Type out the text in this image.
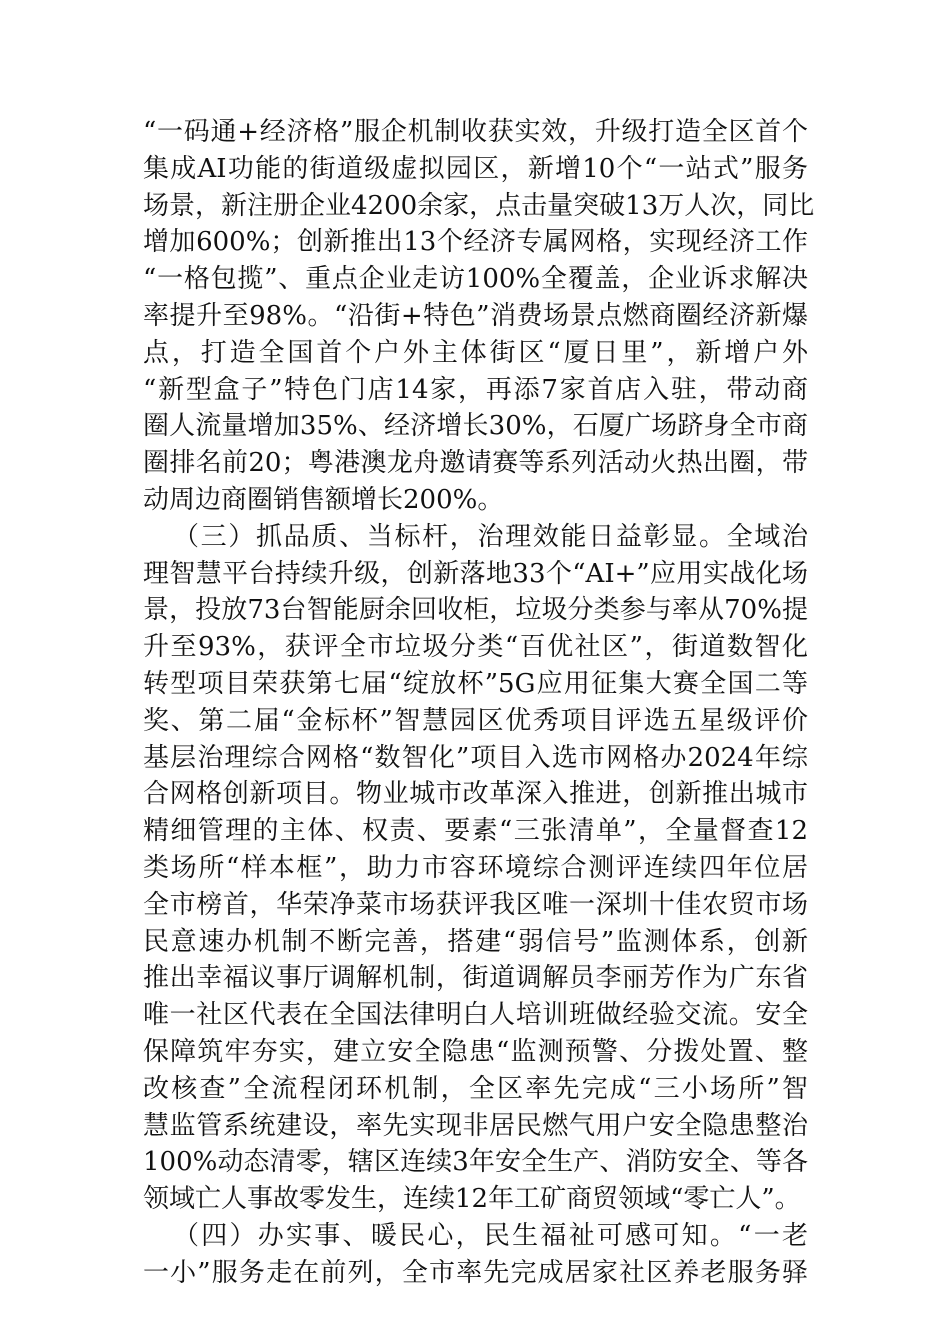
“一码通+经济格”服企机制收获实效，升级打造全区首个
集成AI功能的街道级虚拟园区，新增10个“一站式”服务
场景，新注册企业4200余家，点击量突破13万人次，同比
增加600%；创新推出13个经济专属网格，实现经济工作
“一格包揽”、重点企业走访100%全覆盖，企业诉求解决
率提升至98%。“沿街+特色”消费场景点燃商圈经济新爆
点，打造全国首个户外主体街区“厦日里”，新增户外
“新型盒子”特色门店14家，再添7家首店入驻，带动商
圈人流量增加35%、经济增长30%，石厦广场跻身全市商
圈排名前20；粤港澳龙舟邀请赛等系列活动火热出圈，带
动周边商圈销售额增长200%。
（三）抓品质、当标杆，治理效能日益彰显。全域治
理智慧平台持续升级，创新落地33个“AI+”应用实战化场
景，投放73台智能厨余回收柜，垃圾分类参与率从70%提
升至93%，获评全市垃圾分类“百优社区”，街道数智化
转型项目荣获第七届“绽放杯”5G应用征集大赛全国二等
奖、第二届“金标杯”智慧园区优秀项目评选五星级评价
基层治理综合网格“数智化”项目入选市网格办2024年综
合网格创新项目。物业城市改革深入推进，创新推出城市
精细管理的主体、权责、要素“三张清单”，全量督查12
类场所“样本框”，助力市容环境综合测评连续四年位居
全市榜首，华荣净菜市场获评我区唯一深圳十佳农贸市场
民意速办机制不断完善，搭建“弱信号”监测体系，创新
推出幸福议事厅调解机制，街道调解员李丽芳作为广东省
唯一社区代表在全国法律明白人培训班做经验交流。安全
保障筑牢夯实，建立安全隐患“监测预警、分拨处置、整
改核查”全流程闭环机制，全区率先完成“三小场所”智
慧监管系统建设，率先实现非居民燃气用户安全隐患整治
100%动态清零，辖区连续3年安全生产、消防安全、等各
领域亡人事故零发生，连续12年工矿商贸领域“零亡人”。
（四）办实事、暖民心，民生福祉可感可知。“一老
一小”服务走在前列，全市率先完成居家社区养老服务驿
